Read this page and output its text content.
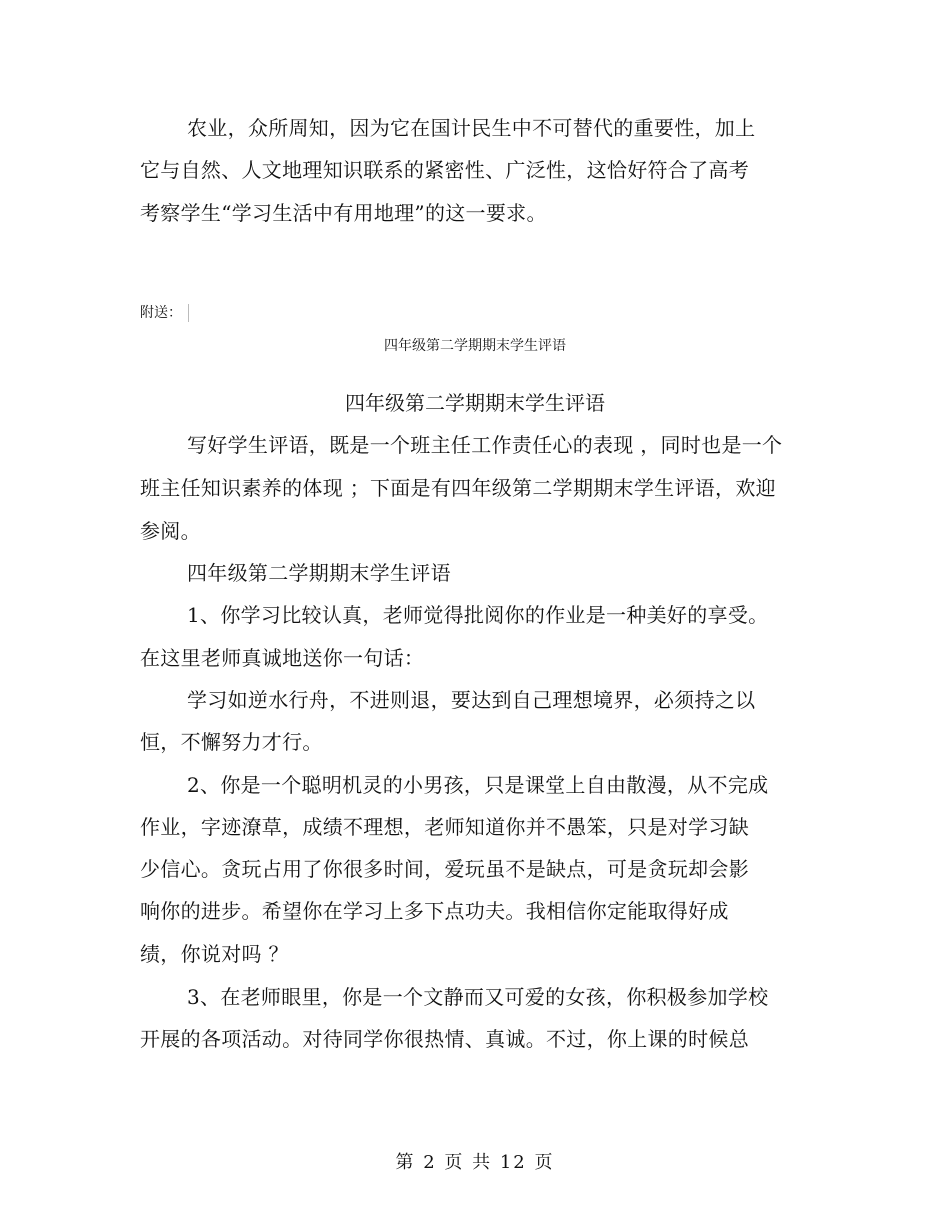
农业，众所周知，因为它在国计民生中不可替代的重要性，加上
它与自然、人文地理知识联系的紧密性、广泛性，这恰好符合了高考
考察学生“学习生活中有用地理”的这一要求。
附送：
四年级第二学期期末学生评语
四年级第二学期期末学生评语
写好学生评语，既是一个班主任工作责任心的表现 ，同时也是一个
班主任知识素养的体现 ；下面是有四年级第二学期期末学生评语，欢迎
参阅。
四年级第二学期期末学生评语
1、你学习比较认真，老师觉得批阅你的作业是一种美好的享受。
在这里老师真诚地送你一句话：
学习如逆水行舟，不进则退，要达到自己理想境界，必须持之以
恒，不懈努力才行。
2、你是一个聪明机灵的小男孩，只是课堂上自由散漫，从不完成
作业，字迹潦草，成绩不理想，老师知道你并不愚笨，只是对学习缺
少信心。贪玩占用了你很多时间，爱玩虽不是缺点，可是贪玩却会影
响你的进步。希望你在学习上多下点功夫。我相信你定能取得好成
绩，你说对吗 ？
3、在老师眼里，你是一个文静而又可爱的女孩，你积极参加学校
开展的各项活动。对待同学你很热情、真诚。不过，你上课的时候总
第 2 页 共 12 页
